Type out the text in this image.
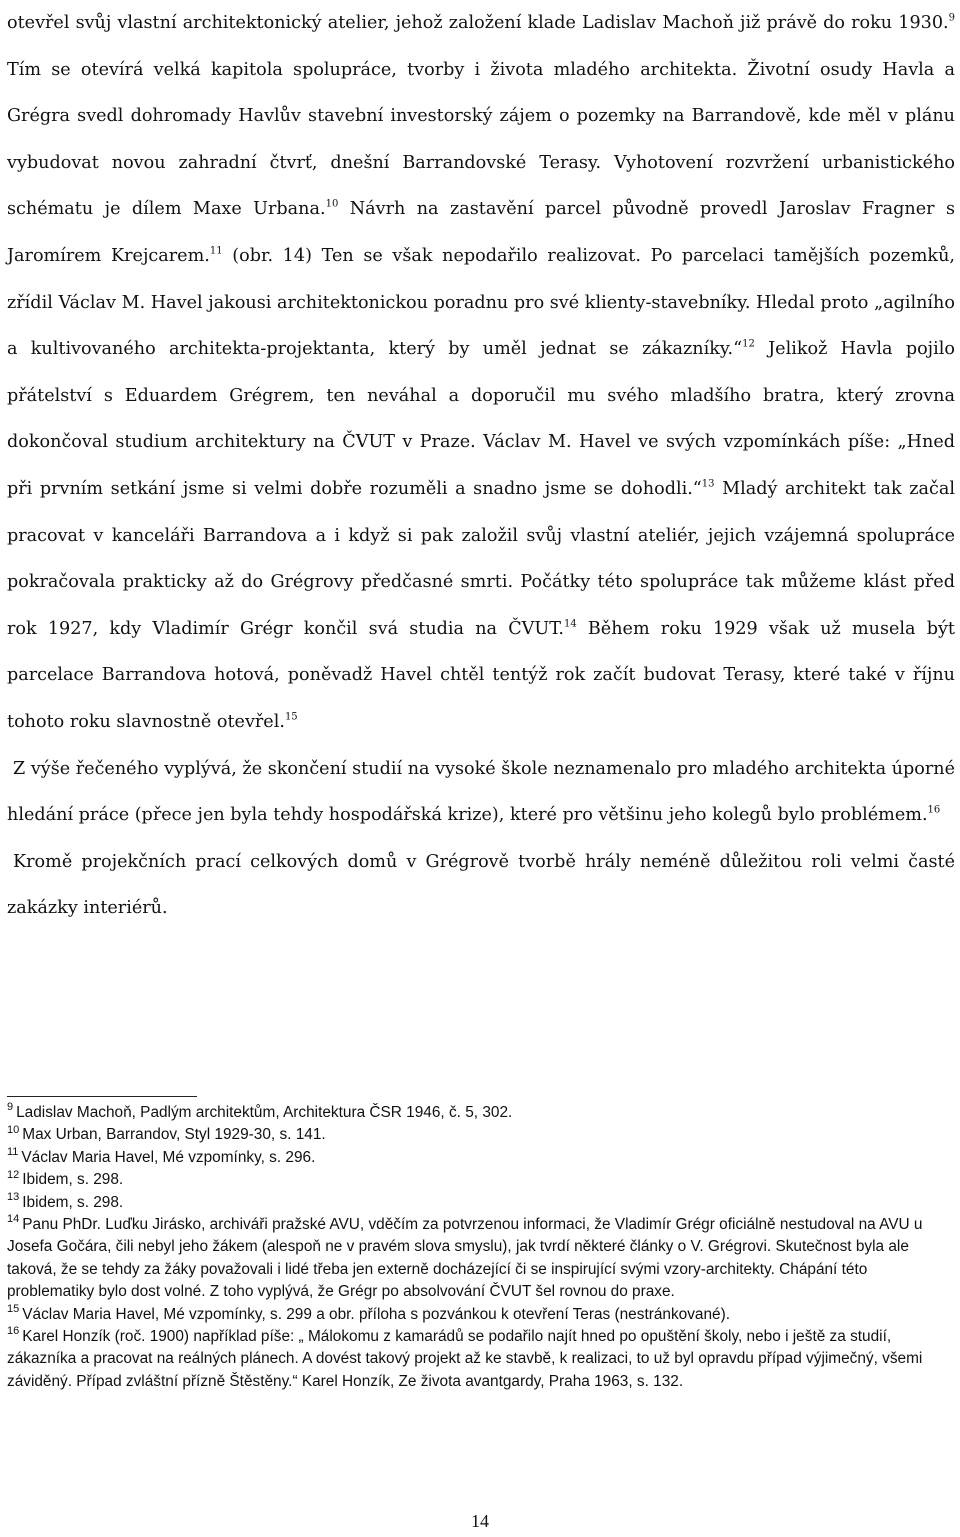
otevřel svůj vlastní architektonický atelier, jehož založení klade Ladislav Machoň již právě do roku 1930.$^9$ Tím se otevírá velká kapitola spolupráce, tvorby i života mladého architekta. Životní osudy Havla a Grégra svedl dohromady Havlův stavební investorský zájem o pozemky na Barrandově, kde měl v plánu vybudovat novou zahradní čtvrť, dnešní Barrandovské Terasy. Vyhotovení rozvržení urbanistického schématu je dílem Maxe Urbana.$^{10}$ Návrh na zastavění parcel původně provedl Jaroslav Fragner s Jaromírem Krejcarem.$^{11}$ (obr. 14) Ten se však nepodařilo realizovat. Po parcelaci tamějších pozemků, zřídil Václav M. Havel jakousi architektonickou poradnu pro své klienty-stavebníky. Hledal proto „agilního a kultivovaného architekta-projektanta, který by uměl jednat se zákazníky.“$^{12}$ Jelikož Havla pojilo přátelství s Eduardem Grégrem, ten neváhal a doporučil mu svého mladšího bratra, který zrovna dokončoval studium architektury na ČVUT v Praze. Václav M. Havel ve svých vzpomínkách píše: „Hned při prvním setkání jsme si velmi dobře rozuměli a snadno jsme se dohodli.“$^{13}$ Mladý architekt tak začal pracovat v kanceláři Barrandova a i když si pak založil svůj vlastní ateliér, jejich vzájemná spolupráce pokračovala prakticky až do Grégrovy předčasné smrti. Počátky této spolupráce tak můžeme klást před rok 1927, kdy Vladimír Grégr končil svá studia na ČVUT.$^{14}$ Během roku 1929 však už musela být parcelace Barrandova hotová, poněvadž Havel chtěl tentýž rok začít budovat Terasy, které také v říjnu tohoto roku slavnostně otevřel.$^{15}$

Z výše řečeného vyplývá, že skončení studií na vysoké škole neznamenalo pro mladého architekta úporné hledání práce (přece jen byla tehdy hospodářská krize), které pro většinu jeho kolegů bylo problémem.$^{16}$

Kromě projekčních prací celkových domů v Grégrově tvorbě hrály neméně důležitou roli velmi časté zakázky interiérů.

$^9$ Ladislav Machoň, Padlým architektům, Architektura ČSR 1946, č. 5, 302.

$^{10}$ Max Urban, Barrandov, Styl 1929-30, s. 141.

$^{11}$ Václav Maria Havel, Mé vzpomínky, s. 296.

$^{12}$ Ibidem, s. 298.

$^{13}$ Ibidem, s. 298.

$^{14}$ Panu PhDr. Luďku Jirásko, archiváři pražské AVU, vděčím za potvrzenou informaci, že Vladimír Grégr oficiálně nestudoval na AVU u Josefa Gočára, čili nebyl jeho žákem (alespoň ne v pravém slova smyslu), jak tvrdí některé články o V. Grégrovi. Skutečnost byla ale taková, že se tehdy za žáky považovali i lidé třeba jen externě docházející či se inspirující svými vzory-architekty. Chápání této problematiky bylo dost volné. Z toho vyplývá, že Grégr po absolvování ČVUT šel rovnou do praxe.

$^{15}$ Václav Maria Havel, Mé vzpomínky, s. 299 a obr. příloha s pozvánkou k otevření Teras (nestránkované).

$^{16}$ Karel Honzík (roč. 1900) například píše: „ Málokomu z kamarádů se podařilo najít hned po opuštění školy, nebo i ještě za studií, zákazníka a pracovat na reálných plánech. A dovést takový projekt až ke stavbě, k realizaci, to už byl opravdu případ výjimečný, všemi záviděný. Případ zvláštní přízně Štěstěny.“ Karel Honzík, Ze života avantgardy, Praha 1963, s. 132.

14
